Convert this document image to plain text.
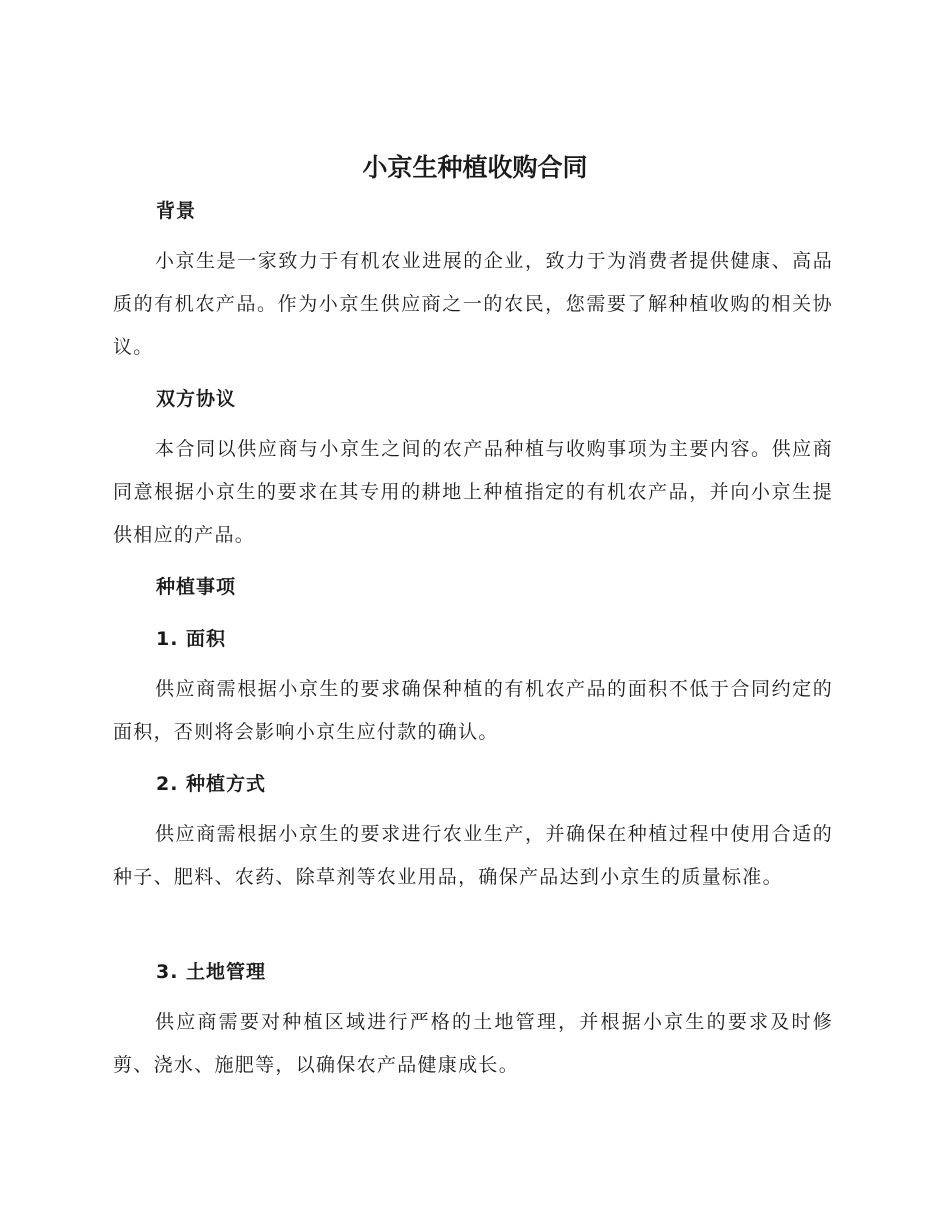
小京生种植收购合同
背景
小京生是一家致力于有机农业进展的企业，致力于为消费者提供健康、高品质的有机农产品。作为小京生供应商之一的农民，您需要了解种植收购的相关协议。
双方协议
本合同以供应商与小京生之间的农产品种植与收购事项为主要内容。供应商同意根据小京生的要求在其专用的耕地上种植指定的有机农产品，并向小京生提供相应的产品。
种植事项
1. 面积
供应商需根据小京生的要求确保种植的有机农产品的面积不低于合同约定的面积，否则将会影响小京生应付款的确认。
2. 种植方式
供应商需根据小京生的要求进行农业生产，并确保在种植过程中使用合适的种子、肥料、农药、除草剂等农业用品，确保产品达到小京生的质量标准。
3. 土地管理
供应商需要对种植区域进行严格的土地管理，并根据小京生的要求及时修剪、浇水、施肥等，以确保农产品健康成长。
